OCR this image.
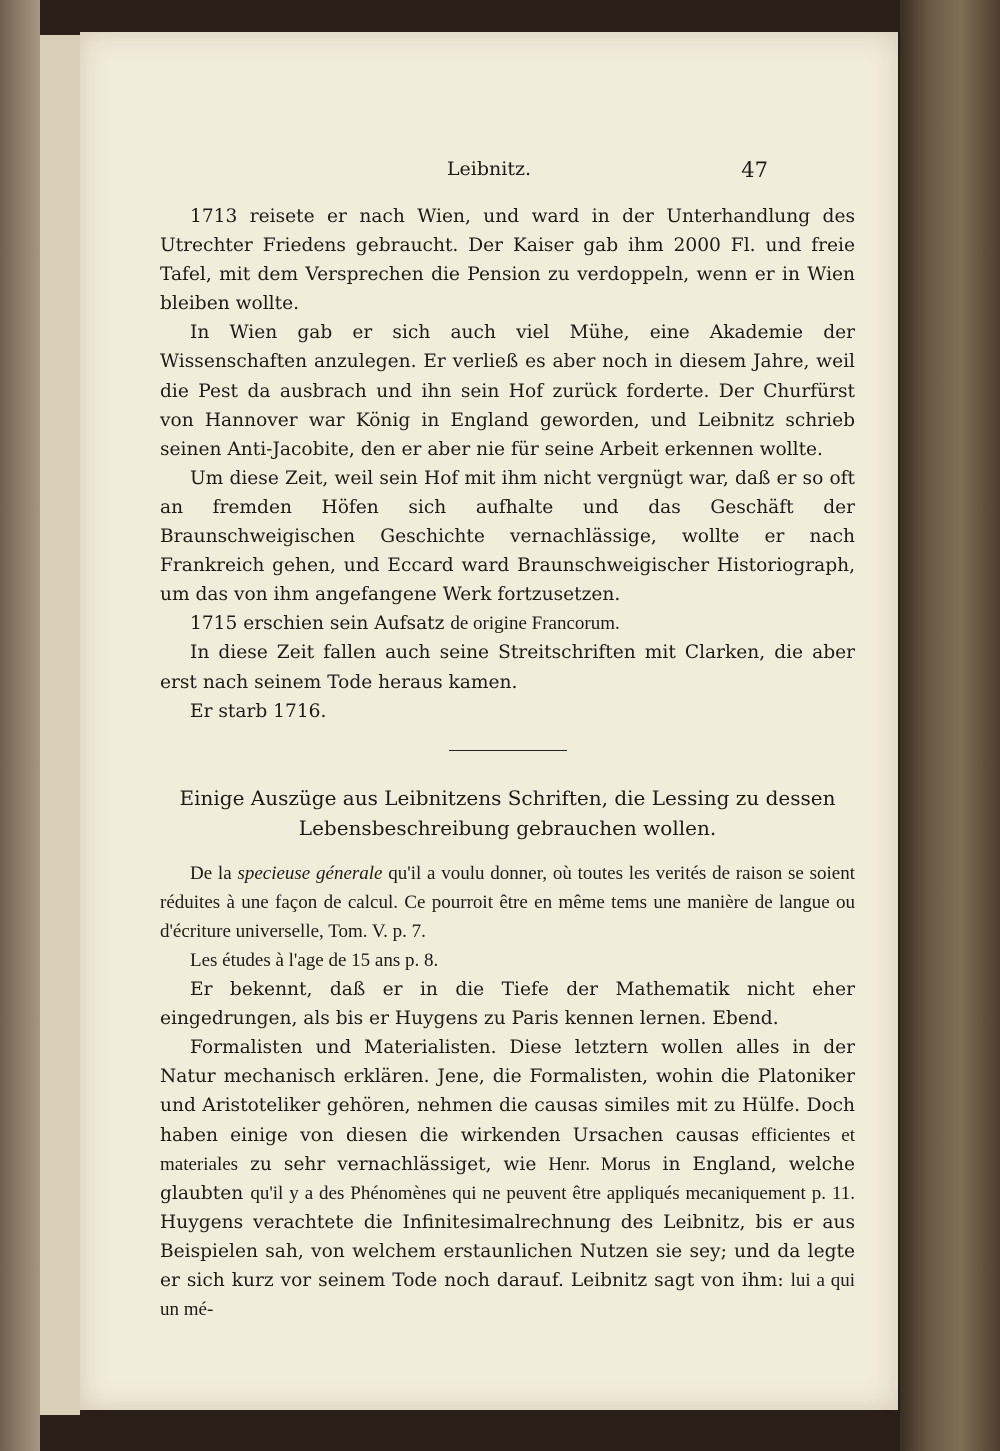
Leibnitz.	47

1713 reisete er nach Wien, und ward in der Unterhandlung des Utrechter Friedens gebraucht. Der Kaiser gab ihm 2000 Fl. und freie Tafel, mit dem Versprechen die Pension zu verdoppeln, wenn er in Wien bleiben wollte.

In Wien gab er sich auch viel Mühe, eine Akademie der Wissenschaften anzulegen. Er verließ es aber noch in diesem Jahre, weil die Pest da ausbrach und ihn sein Hof zurück forderte. Der Churfürst von Hannover war König in England geworden, und Leibnitz schrieb seinen Anti-Jacobite, den er aber nie für seine Arbeit erkennen wollte.

Um diese Zeit, weil sein Hof mit ihm nicht vergnügt war, daß er so oft an fremden Höfen sich aufhalte und das Geschäft der Braunschweigischen Geschichte vernachlässige, wollte er nach Frankreich gehen, und Eccard ward Braunschweigischer Historiograph, um das von ihm angefangene Werk fortzusetzen.

1715 erschien sein Aufsatz de origine Francorum.

In diese Zeit fallen auch seine Streitschriften mit Clarken, die aber erst nach seinem Tode heraus kamen.

Er starb 1716.

Einige Auszüge aus Leibnitzens Schriften, die Lessing zu dessen
Lebensbeschreibung gebrauchen wollen.

De la specieuse génerale qu'il a voulu donner, où toutes les verités de raison se soient réduites à une façon de calcul. Ce pourroit être en même tems une manière de langue ou d'écriture universelle, Tom. V. p. 7.

Les études à l'age de 15 ans p. 8.

Er bekennt, daß er in die Tiefe der Mathematik nicht eher eingedrungen, als bis er Huygens zu Paris kennen lernen. Ebend.

Formalisten und Materialisten. Diese letztern wollen alles in der Natur mechanisch erklären. Jene, die Formalisten, wohin die Platoniker und Aristoteliker gehören, nehmen die causas similes mit zu Hülfe. Doch haben einige von diesen die wirkenden Ursachen causas efficientes et materiales zu sehr vernachlässiget, wie Henr. Morus in England, welche glaubten qu'il y a des Phénomènes qui ne peuvent être appliqués mecaniquement p. 11. Huygens verachtete die Infinitesimalrechnung des Leibnitz, bis er aus Beispielen sah, von welchem erstaunlichen Nutzen sie sey; und da legte er sich kurz vor seinem Tode noch darauf. Leibnitz sagt von ihm: lui a qui un mé-
